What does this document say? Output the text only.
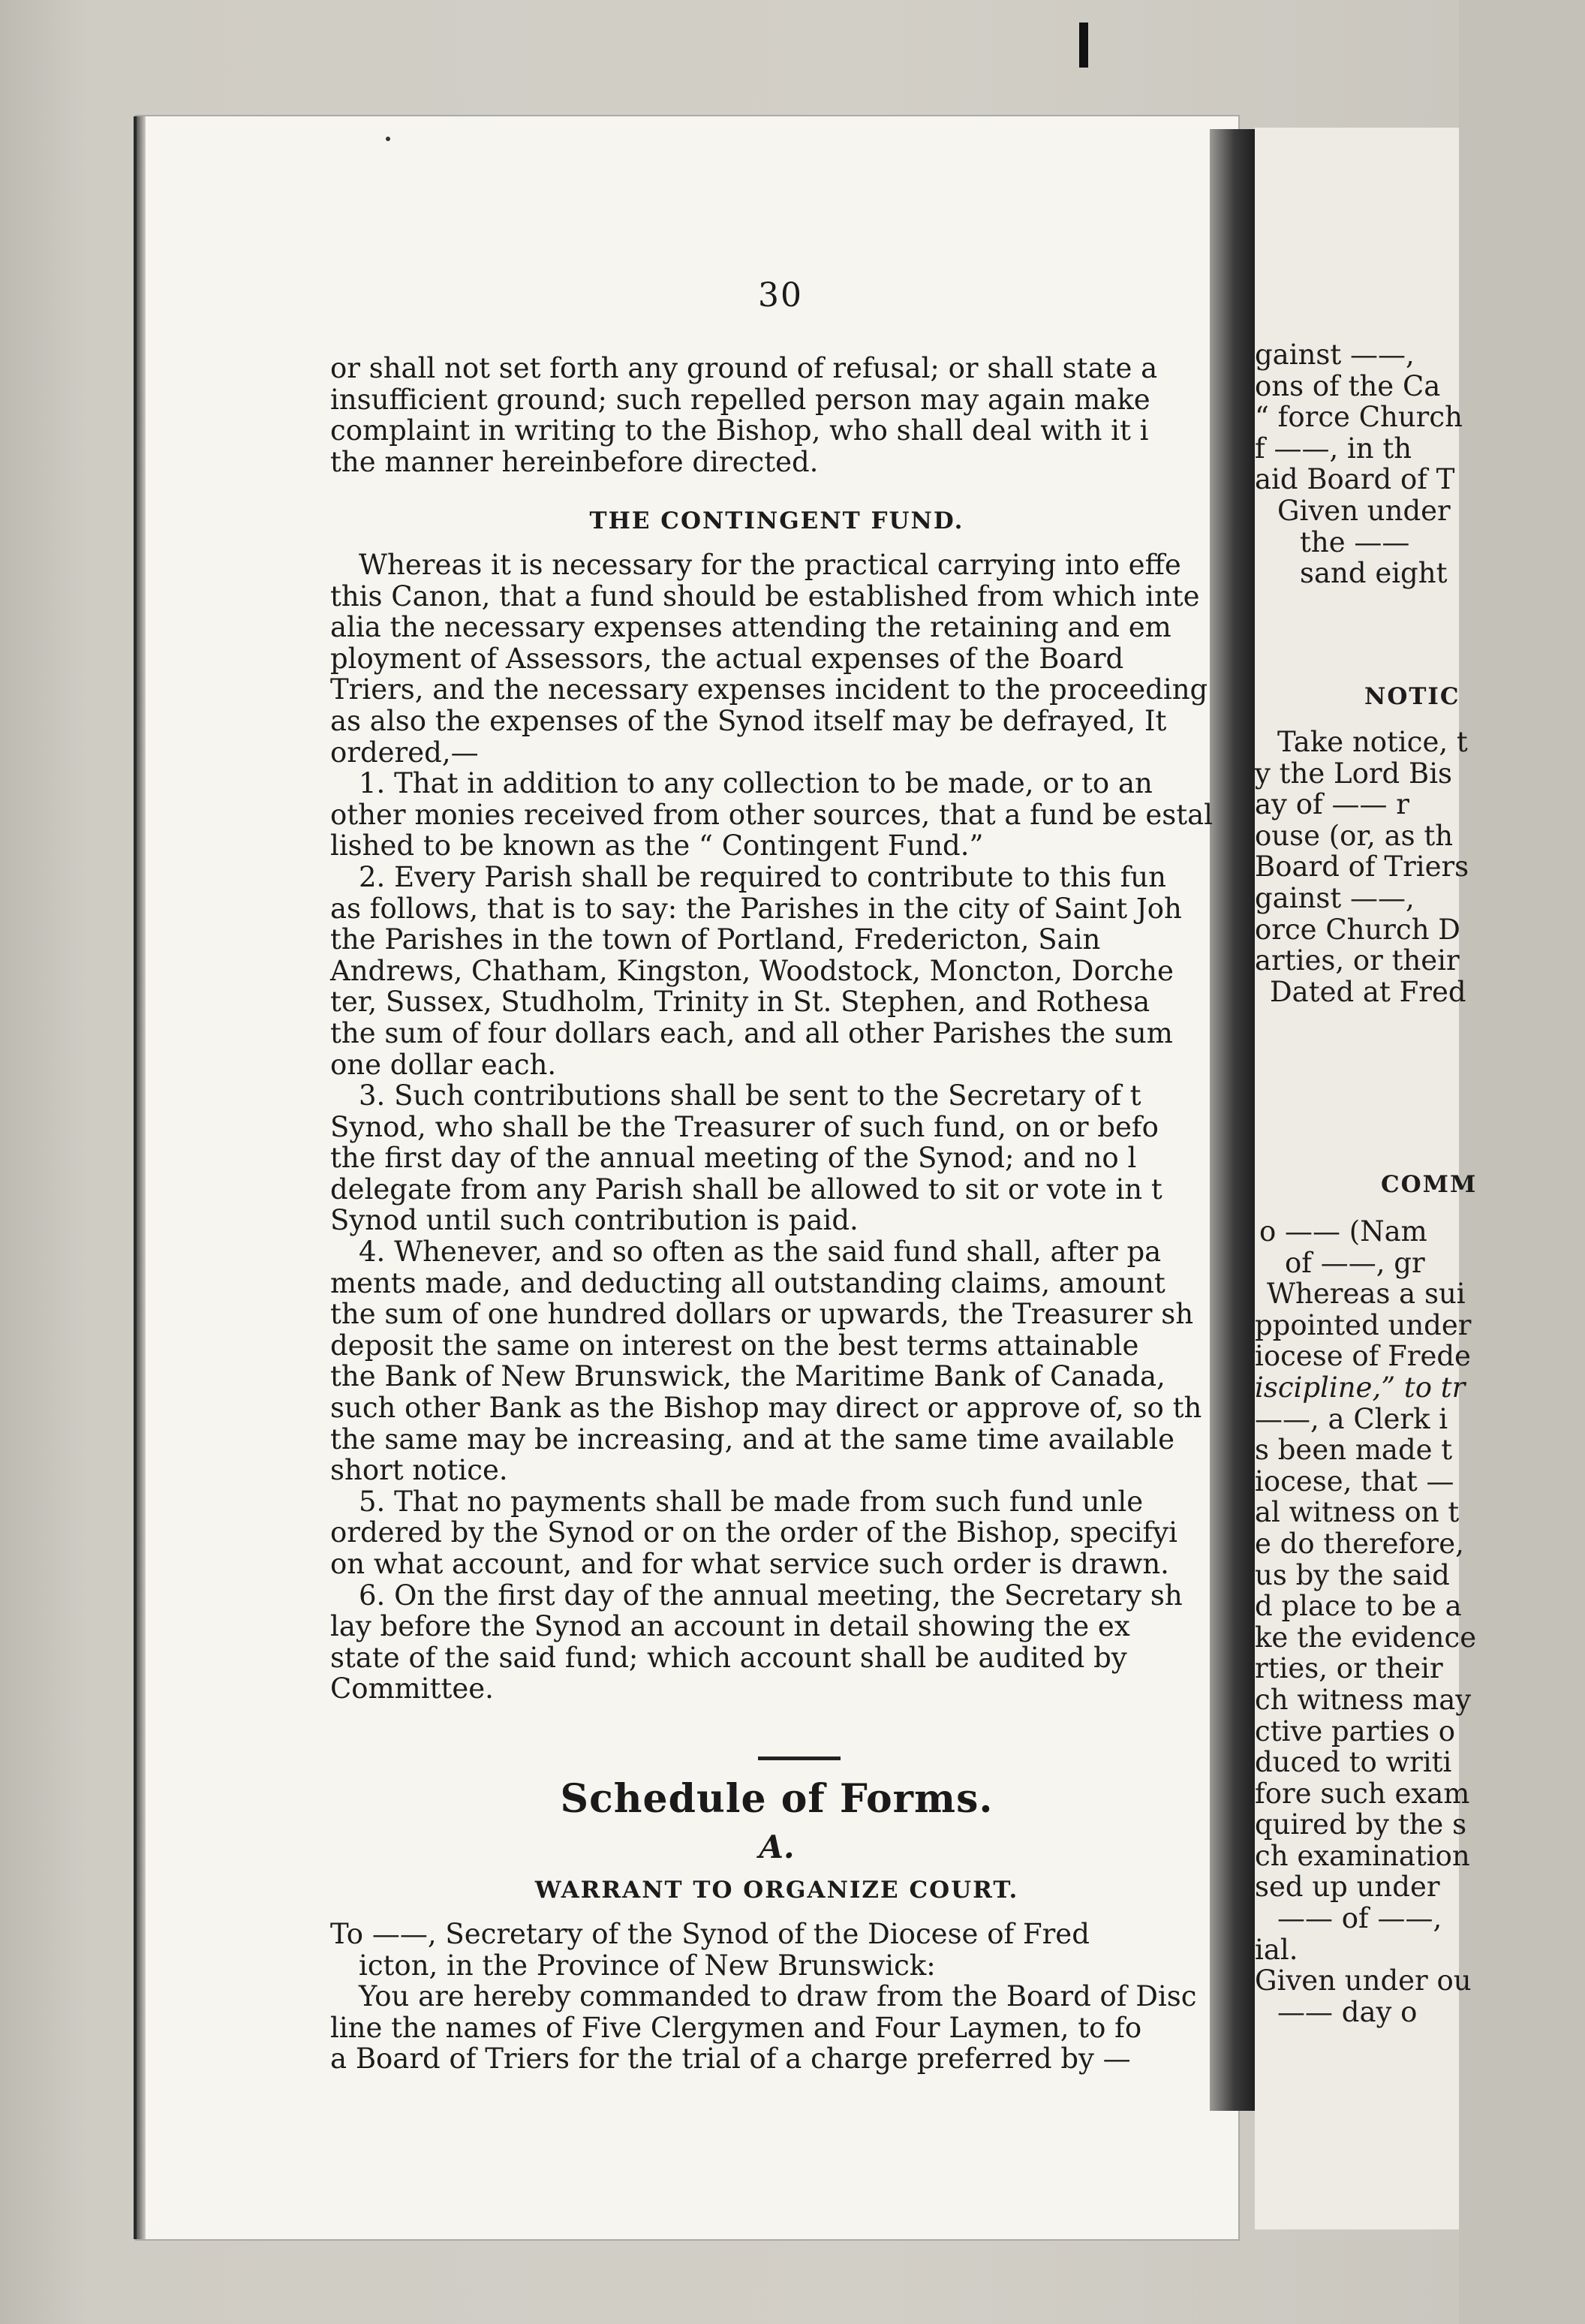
30
or shall not set forth any ground of refusal; or shall state a
insufficient ground; such repelled person may again make
complaint in writing to the Bishop, who shall deal with it i
the manner hereinbefore directed.
THE CONTINGENT FUND.
Whereas it is necessary for the practical carrying into effe
this Canon, that a fund should be established from which inte
alia the necessary expenses attending the retaining and em
ployment of Assessors, the actual expenses of the Board
Triers, and the necessary expenses incident to the proceeding
as also the expenses of the Synod itself may be defrayed, It
ordered,—
1. That in addition to any collection to be made, or to an
other monies received from other sources, that a fund be estal
lished to be known as the “ Contingent Fund.”
2. Every Parish shall be required to contribute to this fun
as follows, that is to say: the Parishes in the city of Saint Joh
the Parishes in the town of Portland, Fredericton, Sain
Andrews, Chatham, Kingston, Woodstock, Moncton, Dorche
ter, Sussex, Studholm, Trinity in St. Stephen, and Rothesa
the sum of four dollars each, and all other Parishes the sum
one dollar each.
3. Such contributions shall be sent to the Secretary of t
Synod, who shall be the Treasurer of such fund, on or befo
the first day of the annual meeting of the Synod; and no l
delegate from any Parish shall be allowed to sit or vote in t
Synod until such contribution is paid.
4. Whenever, and so often as the said fund shall, after pa
ments made, and deducting all outstanding claims, amount
the sum of one hundred dollars or upwards, the Treasurer sh
deposit the same on interest on the best terms attainable
the Bank of New Brunswick, the Maritime Bank of Canada,
such other Bank as the Bishop may direct or approve of, so th
the same may be increasing, and at the same time available
short notice.
5. That no payments shall be made from such fund unle
ordered by the Synod or on the order of the Bishop, specifyi
on what account, and for what service such order is drawn.
6. On the first day of the annual meeting, the Secretary sh
lay before the Synod an account in detail showing the ex
state of the said fund; which account shall be audited by
Committee.
Schedule of Forms.
A.
WARRANT TO ORGANIZE COURT.
To ——, Secretary of the Synod of the Diocese of Fred
icton, in the Province of New Brunswick:
You are hereby commanded to draw from the Board of Disc
line the names of Five Clergymen and Four Laymen, to fo
a Board of Triers for the trial of a charge preferred by —
gainst ——,
ons of the Ca
“ force Church
f ——, in th
aid Board of T
Given under
the ——
sand eight
NOTIC
Take notice, t
y the Lord Bis
ay of —— r
ouse (or, as th
Board of Triers
gainst ——,
orce Church D
arties, or their
Dated at Fred
COMM
o —— (Nam
of ——, gr
Whereas a sui
ppointed under
iocese of Frede
iscipline,” to tr
——, a Clerk i
s been made t
iocese, that —
al witness on t
e do therefore,
us by the said
d place to be a
ke the evidence
rties, or their
ch witness may
ctive parties o
duced to writi
fore such exam
quired by the s
ch examination
sed up under
—— of ——,
ial.
Given under ou
—— day o
